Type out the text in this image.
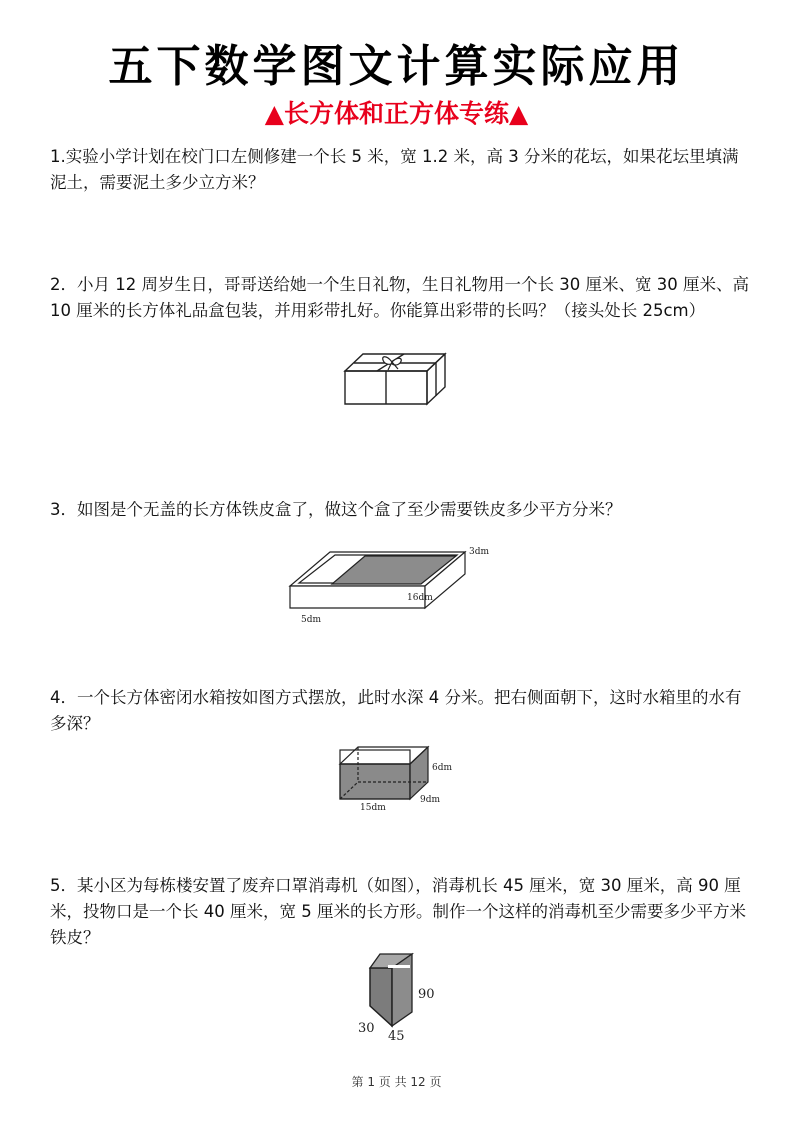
五下数学图文计算实际应用
▲长方体和正方体专练▲
1.实验小学计划在校门口左侧修建一个长 5 米，宽 1.2 米，高 3 分米的花坛，如果花坛里填满泥土，需要泥土多少立方米？
2．小月 12 周岁生日，哥哥送给她一个生日礼物，生日礼物用一个长 30 厘米、宽 30 厘米、高 10 厘米的长方体礼品盒包装，并用彩带扎好。你能算出彩带的长吗？（接头处长 25cm）
3．如图是个无盖的长方体铁皮盒了，做这个盒了至少需要铁皮多少平方分米？
3dm
16dm
5dm
4．一个长方体密闭水箱按如图方式摆放，此时水深 4 分米。把右侧面朝下，这时水箱里的水有多深？
6dm
15dm
9dm
5．某小区为每栋楼安置了废弃口罩消毒机（如图），消毒机长 45 厘米，宽 30 厘米，高 90 厘米，投物口是一个长 40 厘米，宽 5 厘米的长方形。制作一个这样的消毒机至少需要多少平方米铁皮？
90
30
45
第 1 页 共 12 页
